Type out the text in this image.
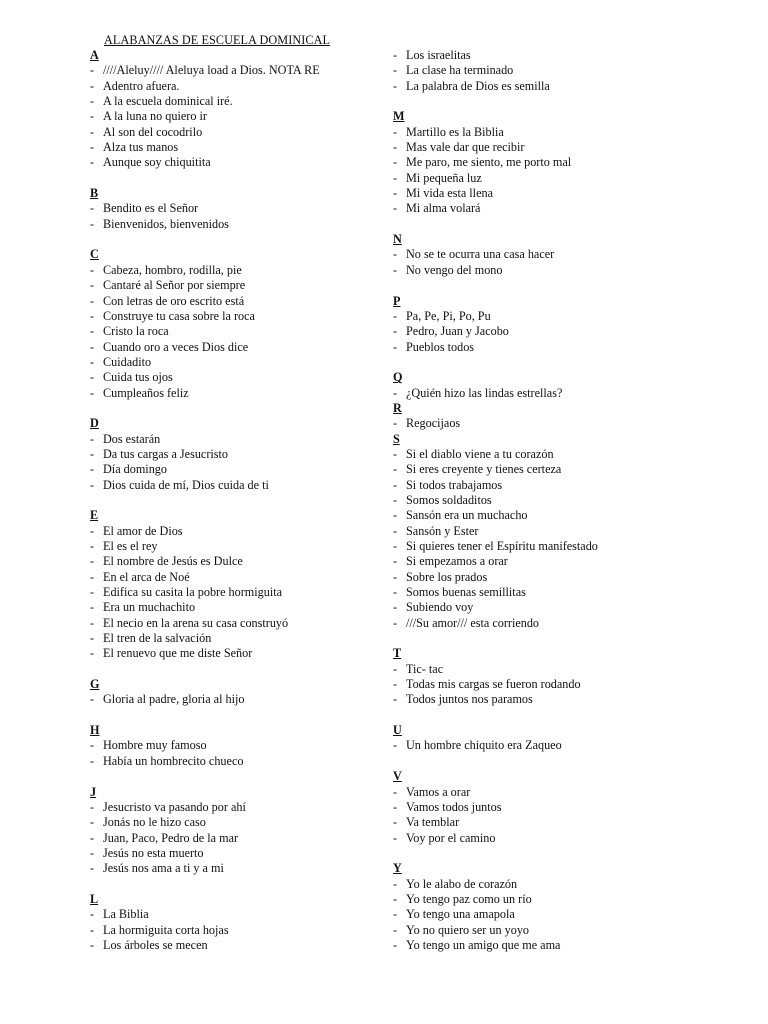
ALABANZAS DE ESCUELA DOMINICAL
A
- ////Aleluy//// Aleluya load a Dios. NOTA RE
- Adentro afuera.
- A la escuela dominical iré.
- A la luna no quiero ir
- Al son del cocodrilo
- Alza tus manos
- Aunque soy chiquitita
B
- Bendito es el Señor
- Bienvenidos, bienvenidos
C
- Cabeza, hombro, rodilla, pie
- Cantaré al Señor por siempre
- Con letras de oro escrito está
- Construye tu casa sobre la roca
- Cristo la roca
- Cuando oro a veces Dios dice
- Cuidadito
- Cuida tus ojos
- Cumpleaños feliz
D
- Dos estarán
- Da tus cargas a Jesucristo
- Día domingo
- Dios cuida de mí, Dios cuida de ti
E
- El amor de Dios
- El es el rey
- El nombre de Jesús es Dulce
- En el arca de Noé
- Edifica su casita la pobre hormiguita
- Era un muchachito
- El necio en la arena su casa construyó
- El tren de la salvación
- El renuevo que me diste Señor
G
- Gloria al padre, gloria al hijo
H
- Hombre muy famoso
- Había un hombrecito chueco
J
- Jesucristo va pasando por ahí
- Jonás no le hizo caso
- Juan, Paco, Pedro de la mar
- Jesús no esta muerto
- Jesús nos ama a ti y a mi
L
- La Biblia
- La hormiguita corta hojas
- Los árboles se mecen
- Los israelitas
- La clase ha terminado
- La palabra de Dios es semilla
M
- Martillo es la Biblia
- Mas vale dar que recibir
- Me paro, me siento, me porto mal
- Mi pequeña luz
- Mi vida esta llena
- Mi alma volará
N
- No se te ocurra una casa hacer
- No vengo del mono
P
- Pa, Pe, Pi, Po, Pu
- Pedro, Juan y Jacobo
- Pueblos todos
Q
- ¿Quién hizo las lindas estrellas?
R
- Regocijaos
S
- Si el diablo viene a tu corazón
- Si eres creyente y tienes certeza
- Si todos trabajamos
- Somos soldaditos
- Sansón era un muchacho
- Sansón y Ester
- Si quieres tener el Espíritu manifestado
- Si empezamos a orar
- Sobre los prados
- Somos buenas semillitas
- Subiendo voy
- ///Su amor/// esta corriendo
T
- Tic- tac
- Todas mis cargas se fueron rodando
- Todos juntos nos paramos
U
- Un hombre chiquito era Zaqueo
V
- Vamos a orar
- Vamos todos juntos
- Va temblar
- Voy por el camino
Y
- Yo le alabo de corazón
- Yo tengo paz como un río
- Yo tengo una amapola
- Yo no quiero ser un yoyo
- Yo tengo un amigo que me ama
